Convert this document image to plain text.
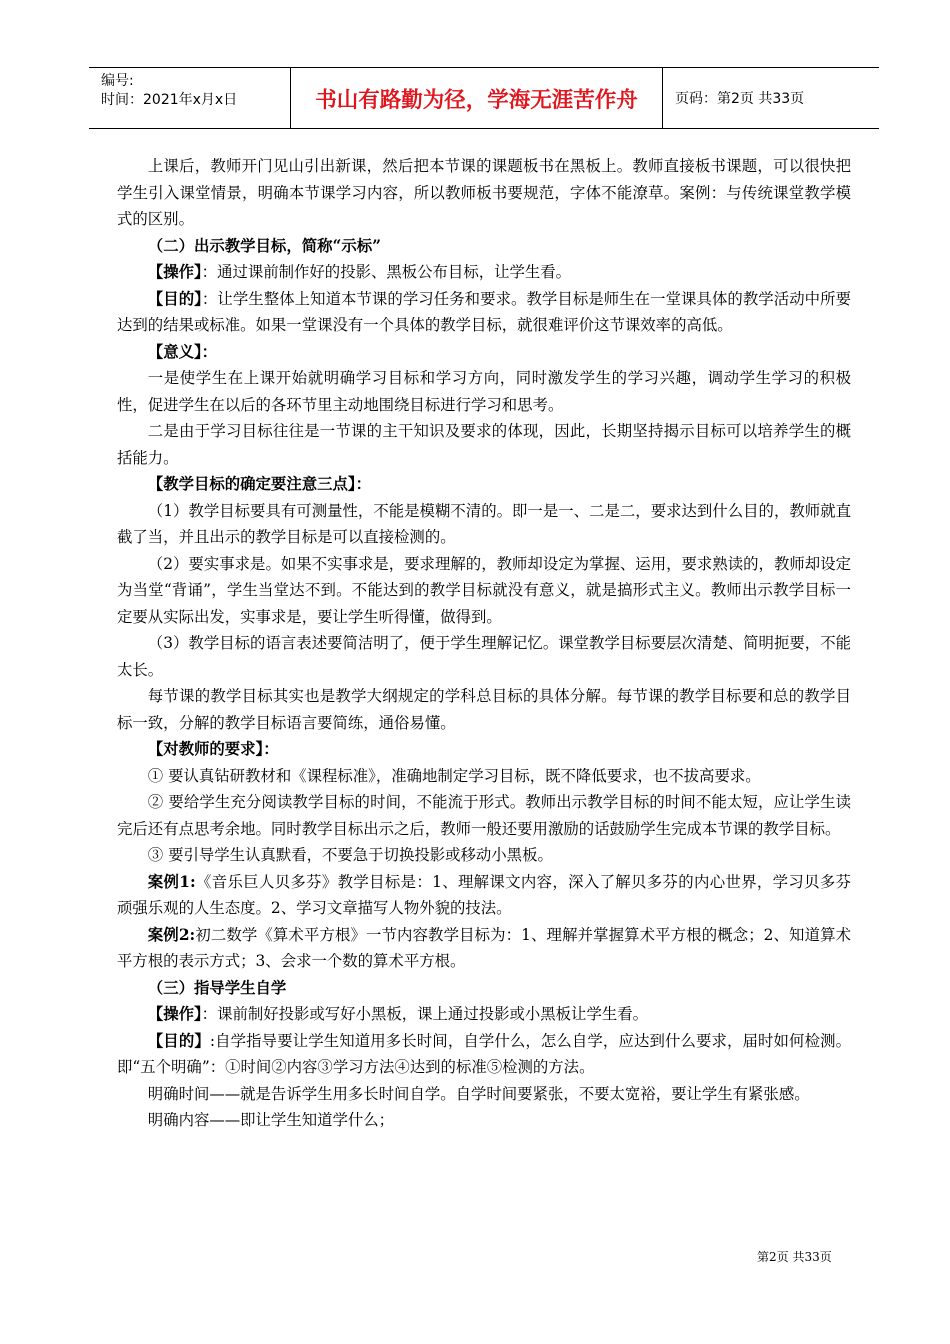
编号:
时间：2021年x月x日	书山有路勤为径，学海无涯苦作舟	页码：第2页 共33页

上课后，教师开门见山引出新课，然后把本节课的课题板书在黑板上。教师直接板书课题，可以很快把学生引入课堂情景，明确本节课学习内容，所以教师板书要规范，字体不能潦草。案例：与传统课堂教学模式的区别。

（二）出示教学目标，简称“示标”

【操作】：通过课前制作好的投影、黑板公布目标，让学生看。

【目的】：让学生整体上知道本节课的学习任务和要求。教学目标是师生在一堂课具体的教学活动中所要达到的结果或标准。如果一堂课没有一个具体的教学目标，就很难评价这节课效率的高低。

【意义】：

一是使学生在上课开始就明确学习目标和学习方向，同时激发学生的学习兴趣，调动学生学习的积极性，促进学生在以后的各环节里主动地围绕目标进行学习和思考。

二是由于学习目标往往是一节课的主干知识及要求的体现，因此，长期坚持揭示目标可以培养学生的概括能力。

【教学目标的确定要注意三点】：

（1）教学目标要具有可测量性，不能是模糊不清的。即一是一、二是二，要求达到什么目的，教师就直截了当，并且出示的教学目标是可以直接检测的。

（2）要实事求是。如果不实事求是，要求理解的，教师却设定为掌握、运用，要求熟读的，教师却设定为当堂“背诵”，学生当堂达不到。不能达到的教学目标就没有意义，就是搞形式主义。教师出示教学目标一定要从实际出发，实事求是，要让学生听得懂，做得到。

（3）教学目标的语言表述要简洁明了，便于学生理解记忆。课堂教学目标要层次清楚、简明扼要，不能太长。

每节课的教学目标其实也是教学大纲规定的学科总目标的具体分解。每节课的教学目标要和总的教学目标一致，分解的教学目标语言要简练，通俗易懂。

【对教师的要求】：

① 要认真钻研教材和《课程标准》，准确地制定学习目标，既不降低要求，也不拔高要求。

② 要给学生充分阅读教学目标的时间，不能流于形式。教师出示教学目标的时间不能太短，应让学生读完后还有点思考余地。同时教学目标出示之后，教师一般还要用激励的话鼓励学生完成本节课的教学目标。

③ 要引导学生认真默看，不要急于切换投影或移动小黑板。

案例1:《音乐巨人贝多芬》教学目标是：1、理解课文内容，深入了解贝多芬的内心世界，学习贝多芬顽强乐观的人生态度。2、学习文章描写人物外貌的技法。

案例2:初二数学《算术平方根》一节内容教学目标为：1、理解并掌握算术平方根的概念；2、知道算术平方根的表示方式；3、会求一个数的算术平方根。

（三）指导学生自学

【操作】：课前制好投影或写好小黑板，课上通过投影或小黑板让学生看。

【目的】:自学指导要让学生知道用多长时间，自学什么，怎么自学，应达到什么要求，届时如何检测。即“五个明确”：①时间②内容③学习方法④达到的标准⑤检测的方法。

明确时间——就是告诉学生用多长时间自学。自学时间要紧张，不要太宽裕，要让学生有紧张感。

明确内容——即让学生知道学什么；

第2页 共33页
